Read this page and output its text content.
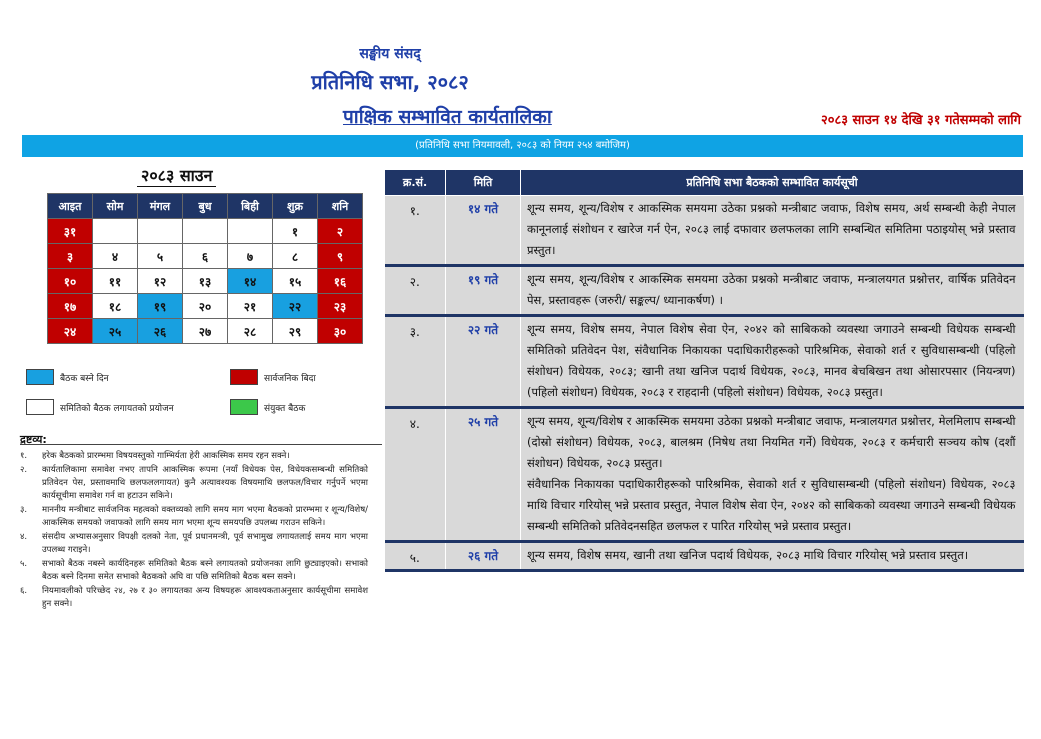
सङ्घीय संसद्
प्रतिनिधि सभा, २०८२
पाक्षिक सम्भावित कार्यतालिका	२०८३ साउन १४ देखि ३१ गतेसम्मको लागि
(प्रतिनिधि सभा नियमावली, २०८३ को नियम २५४ बमोजिम)
२०८३ साउन
आइत	सोम	मंगल	बुध	बिही	शुक्र	शनि
३१					१	२
३	४	५	६	७	८	९
१०	११	१२	१३	१४	१५	१६
१७	१८	१९	२०	२१	२२	२३
२४	२५	२६	२७	२८	२९	३०
बैठक बस्ने दिन	सार्वजनिक बिदा
समितिको बैठक लगायतको प्रयोजन	संयुक्त बैठक
द्रष्टव्य:
१.	हरेक बैठकको प्रारम्भमा विषयवस्तुको गाम्भिर्यता हेरी आकस्मिक समय रहन सक्ने।
२.	कार्यतालिकामा समावेश नभए तापनि आकस्मिक रूपमा (नयाँ विधेयक पेस, विधेयकसम्बन्धी समितिको प्रतिवेदन पेस, प्रस्तावमाथि छलफललगायत) कुनै अत्यावश्यक विषयमाथि छलफल/विचार गर्नुपर्ने भएमा कार्यसूचीमा समावेश गर्न वा हटाउन सकिने।
३.	माननीय मन्त्रीबाट सार्वजनिक महत्वको वक्तव्यको लागि समय माग भएमा बैठकको प्रारम्भमा र शून्य/विशेष/आकस्मिक समयको जवाफको लागि समय माग भएमा शून्य समयपछि उपलब्ध गराउन सकिने।
४.	संसदीय अभ्यासअनुसार विपक्षी दलको नेता, पूर्व प्रधानमन्त्री, पूर्व सभामुख लगायतलाई समय माग भएमा उपलब्ध गराइने।
५.	सभाको बैठक नबस्ने कार्यदिनहरू समितिको बैठक बस्ने लगायतको प्रयोजनका लागि छुट्याइएको। सभाको बैठक बस्ने दिनमा समेत सभाको बैठकको अघि वा पछि समितिको बैठक बस्न सक्ने।
६.	नियमावलीको परिच्छेद २४, २७ र ३० लगायतका अन्य विषयहरू आवश्यकताअनुसार कार्यसूचीमा समावेश हुन सक्ने।
क्र.सं.	मिति	प्रतिनिधि सभा बैठकको सम्भावित कार्यसूची
१.	१४ गते	शून्य समय, शून्य/विशेष र आकस्मिक समयमा उठेका प्रश्नको मन्त्रीबाट जवाफ, विशेष समय, अर्थ सम्बन्धी केही नेपाल कानूनलाई संशोधन र खारेज गर्न ऐन, २०८३ लाई दफावार छलफलका लागि सम्बन्धित समितिमा पठाइयोस् भन्ने प्रस्ताव प्रस्तुत।

२.	१९ गते	शून्य समय, शून्य/विशेष र आकस्मिक समयमा उठेका प्रश्नको मन्त्रीबाट जवाफ, मन्त्रालयगत प्रश्नोत्तर, वार्षिक प्रतिवेदन पेस, प्रस्तावहरू (जरुरी/ सङ्कल्प/ ध्यानाकर्षण) ।

३.	२२ गते	शून्य समय, विशेष समय, नेपाल विशेष सेवा ऐन, २०४२ को साबिकको व्यवस्था जगाउने सम्बन्धी विधेयक सम्बन्धी समितिको प्रतिवेदन पेश, संवैधानिक निकायका पदाधिकारीहरूको पारिश्रमिक, सेवाको शर्त र सुविधासम्बन्धी (पहिलो संशोधन) विधेयक, २०८३; खानी तथा खनिज पदार्थ विधेयक, २०८३, मानव बेचबिखन तथा ओसारपसार (नियन्त्रण) (पहिलो संशोधन) विधेयक, २०८३ र राहदानी (पहिलो संशोधन) विधेयक, २०८३ प्रस्तुत।

४.	२५ गते	शून्य समय, शून्य/विशेष र आकस्मिक समयमा उठेका प्रश्नको मन्त्रीबाट जवाफ, मन्त्रालयगत प्रश्नोत्तर, मेलमिलाप सम्बन्धी (दोस्रो संशोधन) विधेयक, २०८३, बालश्रम (निषेध तथा नियमित गर्ने) विधेयक, २०८३ र कर्मचारी सञ्चय कोष (दशौं संशोधन) विधेयक, २०८३ प्रस्तुत।
संवैधानिक निकायका पदाधिकारीहरूको पारिश्रमिक, सेवाको शर्त र सुविधासम्बन्धी (पहिलो संशोधन) विधेयक, २०८३ माथि विचार गरियोस् भन्ने प्रस्ताव प्रस्तुत, नेपाल विशेष सेवा ऐन, २०४२ को साबिकको व्यवस्था जगाउने सम्बन्धी विधेयक सम्बन्धी समितिको प्रतिवेदनसहित छलफल र पारित गरियोस् भन्ने प्रस्ताव प्रस्तुत।

५.	२६ गते	शून्य समय, विशेष समय, खानी तथा खनिज पदार्थ विधेयक, २०८३ माथि विचार गरियोस् भन्ने प्रस्ताव प्रस्तुत।
